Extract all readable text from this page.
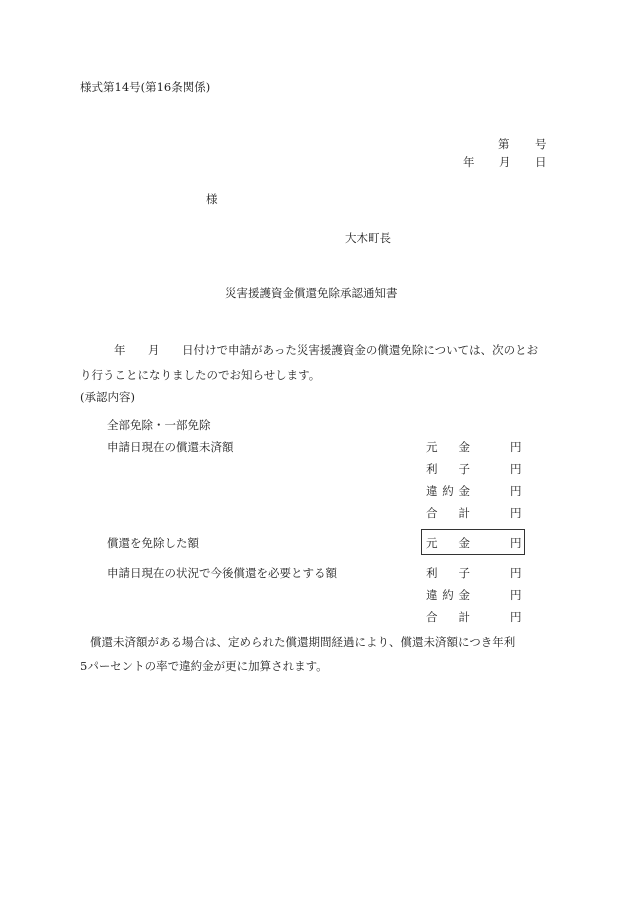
様式第14号(第16条関係)
第 号
年 月 日
様
大木町長
災害援護資金償還免除承認通知書
年 月 日付けで申請があった災害援護資金の償還免除については、次のとお
り行うことになりましたのでお知らせします。
(承認内容)
全部免除・一部免除
申請日現在の償還未済額	元 金	円
利 子	円
違約金	円
合 計	円
償還を免除した額	元 金	円
申請日現在の状況で今後償還を必要とする額	利 子	円
違約金	円
合 計	円
償還未済額がある場合は、定められた償還期間経過により、償還未済額につき年利
5パーセントの率で違約金が更に加算されます。
